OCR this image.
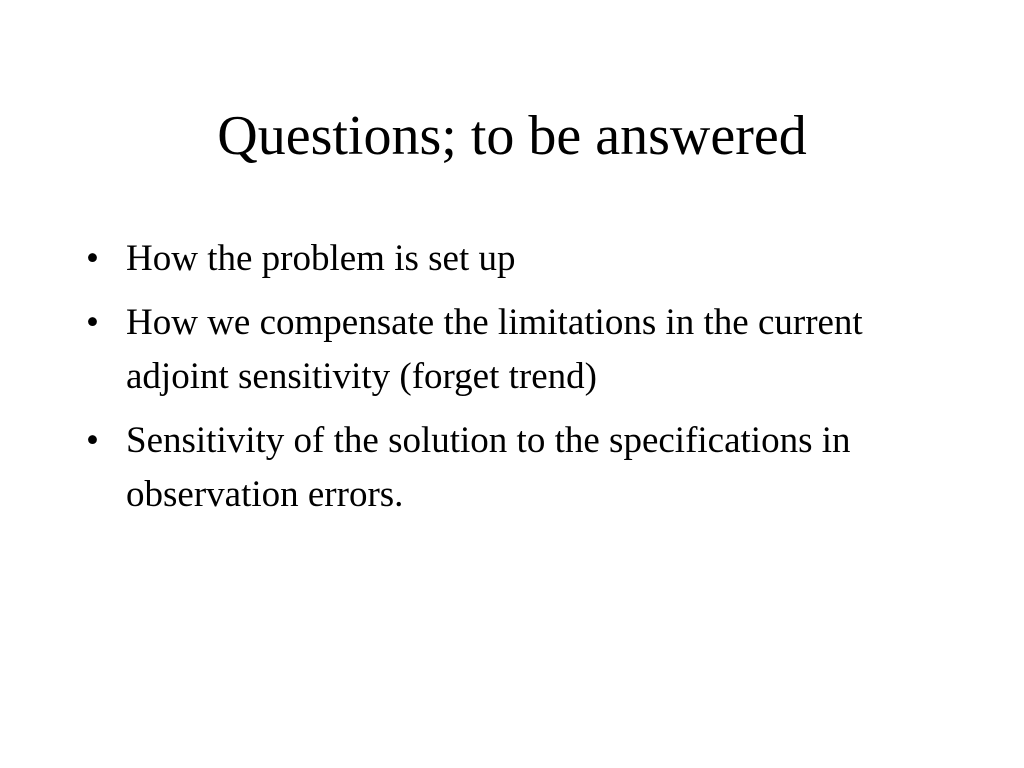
Questions; to be answered
• How the problem is set up
• How we compensate the limitations in the current adjoint sensitivity (forget trend)
• Sensitivity of the solution to the specifications in observation errors.
